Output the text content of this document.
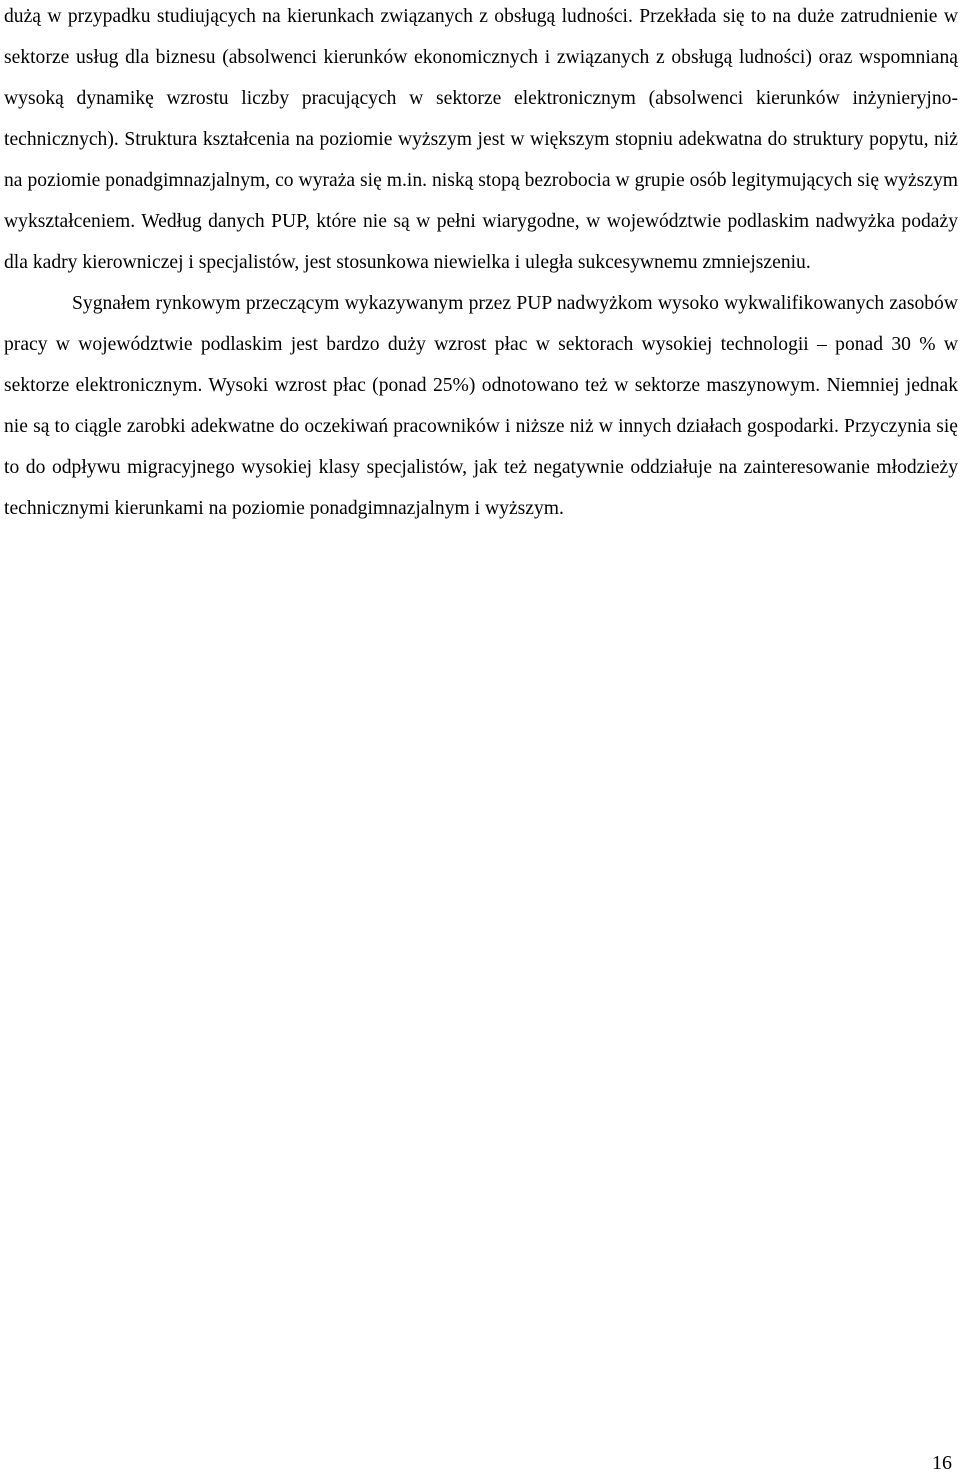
dużą w przypadku studiujących na kierunkach związanych z obsługą ludności. Przekłada się to na duże zatrudnienie w sektorze usług dla biznesu (absolwenci kierunków ekonomicznych i związanych z obsługą ludności) oraz wspomnianą wysoką dynamikę wzrostu liczby pracujących w sektorze elektronicznym (absolwenci kierunków inżynieryjno-technicznych). Struktura kształcenia na poziomie wyższym jest w większym stopniu adekwatna do struktury popytu, niż na poziomie ponadgimnazjalnym, co wyraża się m.in. niską stopą bezrobocia w grupie osób legitymujących się wyższym wykształceniem. Według danych PUP, które nie są w pełni wiarygodne, w województwie podlaskim nadwyżka podaży dla kadry kierowniczej i specjalistów, jest stosunkowa niewielka i uległa sukcesywnemu zmniejszeniu.

Sygnałem rynkowym przeczącym wykazywanym przez PUP nadwyżkom wysoko wykwalifikowanych zasobów pracy w województwie podlaskim jest bardzo duży wzrost płac w sektorach wysokiej technologii – ponad 30 % w sektorze elektronicznym. Wysoki wzrost płac (ponad 25%) odnotowano też w sektorze maszynowym. Niemniej jednak nie są to ciągle zarobki adekwatne do oczekiwań pracowników i niższe niż w innych działach gospodarki. Przyczynia się to do odpływu migracyjnego wysokiej klasy specjalistów, jak też negatywnie oddziałuje na zainteresowanie młodzieży technicznymi kierunkami na poziomie ponadgimnazjalnym i wyższym.

16
